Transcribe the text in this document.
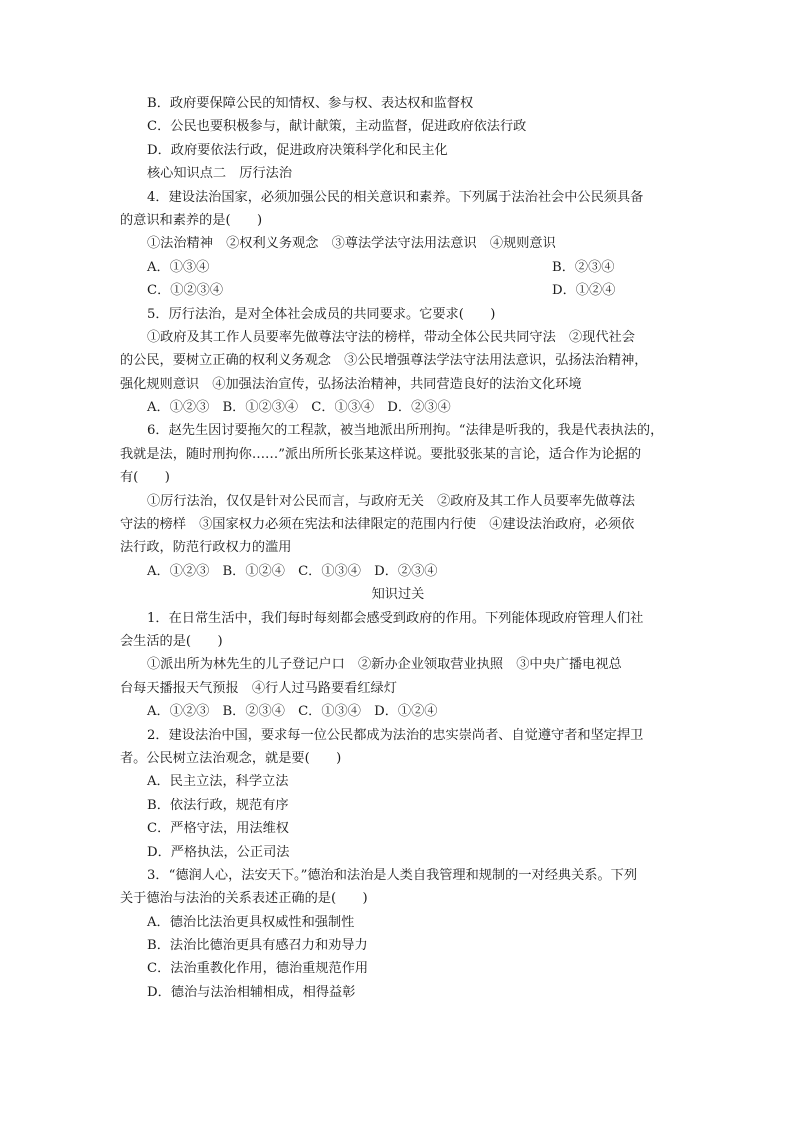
B．政府要保障公民的知情权、参与权、表达权和监督权
C．公民也要积极参与，献计献策，主动监督，促进政府依法行政
D．政府要依法行政，促进政府决策科学化和民主化
核心知识点二　厉行法治
4．建设法治国家，必须加强公民的相关意识和素养。下列属于法治社会中公民须具备
的意识和素养的是(　　)
①法治精神　②权利义务观念　③尊法学法守法用法意识　④规则意识
A．①③④	B．②③④
C．①②③④	D．①②④
5．厉行法治，是对全体社会成员的共同要求。它要求(　　)
①政府及其工作人员要率先做尊法守法的榜样，带动全体公民共同守法　②现代社会
的公民，要树立正确的权利义务观念　③公民增强尊法学法守法用法意识，弘扬法治精神，
强化规则意识　④加强法治宣传，弘扬法治精神，共同营造良好的法治文化环境
A．①②③　B．①②③④　C．①③④　D．②③④
6．赵先生因讨要拖欠的工程款，被当地派出所刑拘。“法律是听我的，我是代表执法的，
我就是法，随时刑拘你……”派出所所长张某这样说。要批驳张某的言论，适合作为论据的
有(　　)
①厉行法治，仅仅是针对公民而言，与政府无关　②政府及其工作人员要率先做尊法
守法的榜样　③国家权力必须在宪法和法律限定的范围内行使　④建设法治政府，必须依
法行政，防范行政权力的滥用
A．①②③　B．①②④　C．①③④　D．②③④
知识过关
1．在日常生活中，我们每时每刻都会感受到政府的作用。下列能体现政府管理人们社
会生活的是(　　)
①派出所为林先生的儿子登记户口　②新办企业领取营业执照　③中央广播电视总
台每天播报天气预报　④行人过马路要看红绿灯
A．①②③　B．②③④　C．①③④　D．①②④
2．建设法治中国，要求每一位公民都成为法治的忠实崇尚者、自觉遵守者和坚定捍卫
者。公民树立法治观念，就是要(　　)
A．民主立法，科学立法
B．依法行政，规范有序
C．严格守法，用法维权
D．严格执法，公正司法
3．“德润人心，法安天下。”德治和法治是人类自我管理和规制的一对经典关系。下列
关于德治与法治的关系表述正确的是(　　)
A．德治比法治更具权威性和强制性
B．法治比德治更具有感召力和劝导力
C．法治重教化作用，德治重规范作用
D．德治与法治相辅相成，相得益彰
